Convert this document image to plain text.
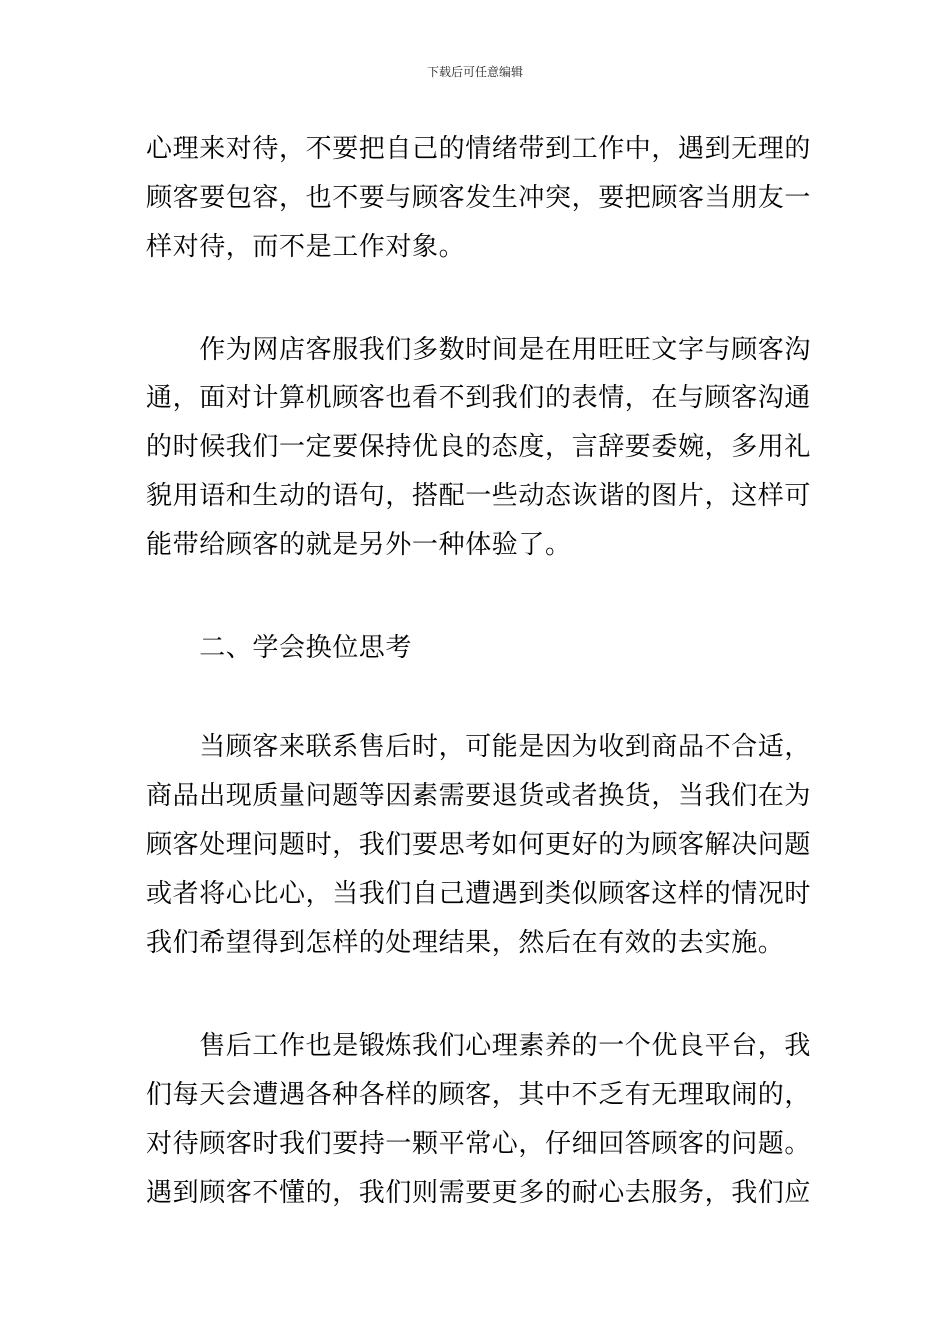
下载后可任意编辑
心理来对待，不要把自己的情绪带到工作中，遇到无理的
顾客要包容，也不要与顾客发生冲突，要把顾客当朋友一
样对待，而不是工作对象。
　　作为网店客服我们多数时间是在用旺旺文字与顾客沟
通，面对计算机顾客也看不到我们的表情，在与顾客沟通
的时候我们一定要保持优良的态度，言辞要委婉，多用礼
貌用语和生动的语句，搭配一些动态诙谐的图片，这样可
能带给顾客的就是另外一种体验了。
　　二、学会换位思考
　　当顾客来联系售后时，可能是因为收到商品不合适，
商品出现质量问题等因素需要退货或者换货，当我们在为
顾客处理问题时，我们要思考如何更好的为顾客解决问题
或者将心比心，当我们自己遭遇到类似顾客这样的情况时
我们希望得到怎样的处理结果，然后在有效的去实施。
　　售后工作也是锻炼我们心理素养的一个优良平台，我
们每天会遭遇各种各样的顾客，其中不乏有无理取闹的，
对待顾客时我们要持一颗平常心，仔细回答顾客的问题。
遇到顾客不懂的，我们则需要更多的耐心去服务，我们应
